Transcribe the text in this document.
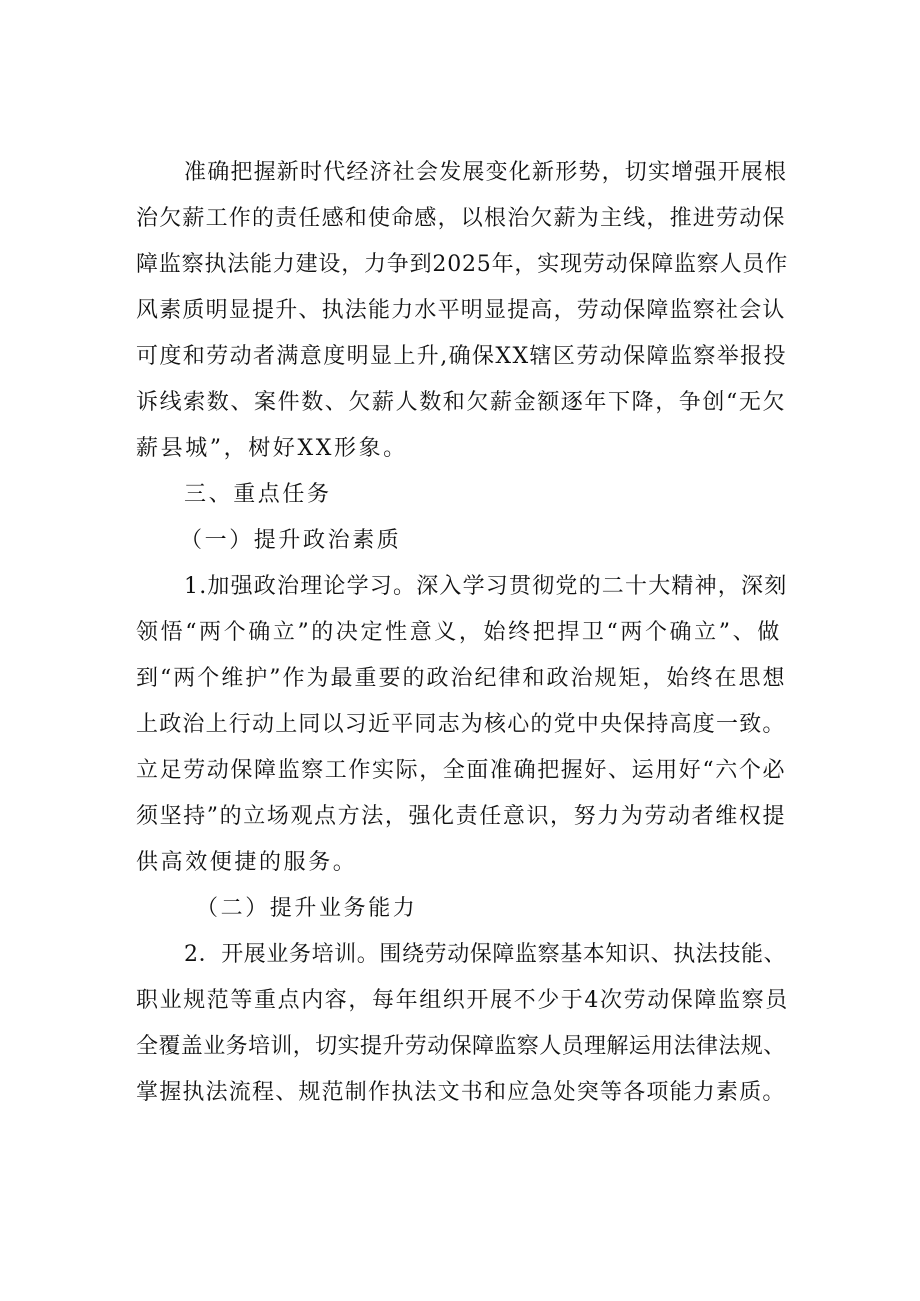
准确把握新时代经济社会发展变化新形势，切实增强开展根
治欠薪工作的责任感和使命感，以根治欠薪为主线，推进劳动保
障监察执法能力建设，力争到2025年，实现劳动保障监察人员作
风素质明显提升、执法能力水平明显提高，劳动保障监察社会认
可度和劳动者满意度明显上升,确保XX辖区劳动保障监察举报投
诉线索数、案件数、欠薪人数和欠薪金额逐年下降，争创“无欠
薪县城”，树好XX形象。
三、重点任务
（一）提升政治素质
1.加强政治理论学习。深入学习贯彻党的二十大精神，深刻
领悟“两个确立”的决定性意义，始终把捍卫“两个确立”、做
到“两个维护”作为最重要的政治纪律和政治规矩，始终在思想
上政治上行动上同以习近平同志为核心的党中央保持高度一致。
立足劳动保障监察工作实际，全面准确把握好、运用好“六个必
须坚持”的立场观点方法，强化责任意识，努力为劳动者维权提
供高效便捷的服务。
（二）提升业务能力
2．开展业务培训。围绕劳动保障监察基本知识、执法技能、
职业规范等重点内容，每年组织开展不少于4次劳动保障监察员
全覆盖业务培训，切实提升劳动保障监察人员理解运用法律法规、
掌握执法流程、规范制作执法文书和应急处突等各项能力素质。
